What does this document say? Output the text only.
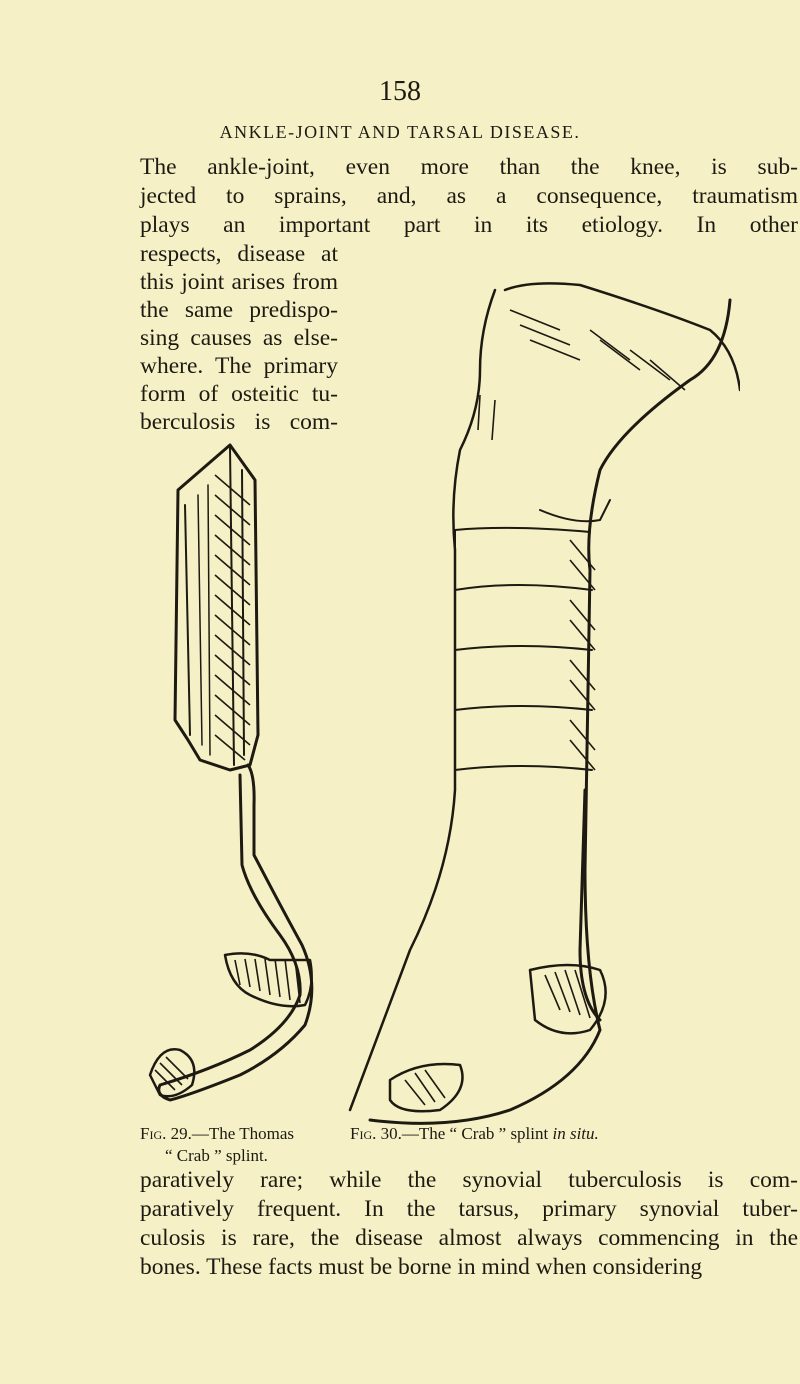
158
ANKLE-JOINT AND TARSAL DISEASE.
The ankle-joint, even more than the knee, is sub-
jected to sprains, and, as a consequence, traumatism
plays an important part in its etiology. In other
respects, disease at
this joint arises from
the same predispo-
sing causes as else-
where. The primary
form of osteitic tu-
berculosis is com-
Fig. 29.—The Thomas
“ Crab ” splint.
Fig. 30.—The “ Crab ” splint in situ.
paratively rare; while the synovial tuberculosis is com-
paratively frequent. In the tarsus, primary synovial tuber-
culosis is rare, the disease almost always commencing in the
bones. These facts must be borne in mind when considering
